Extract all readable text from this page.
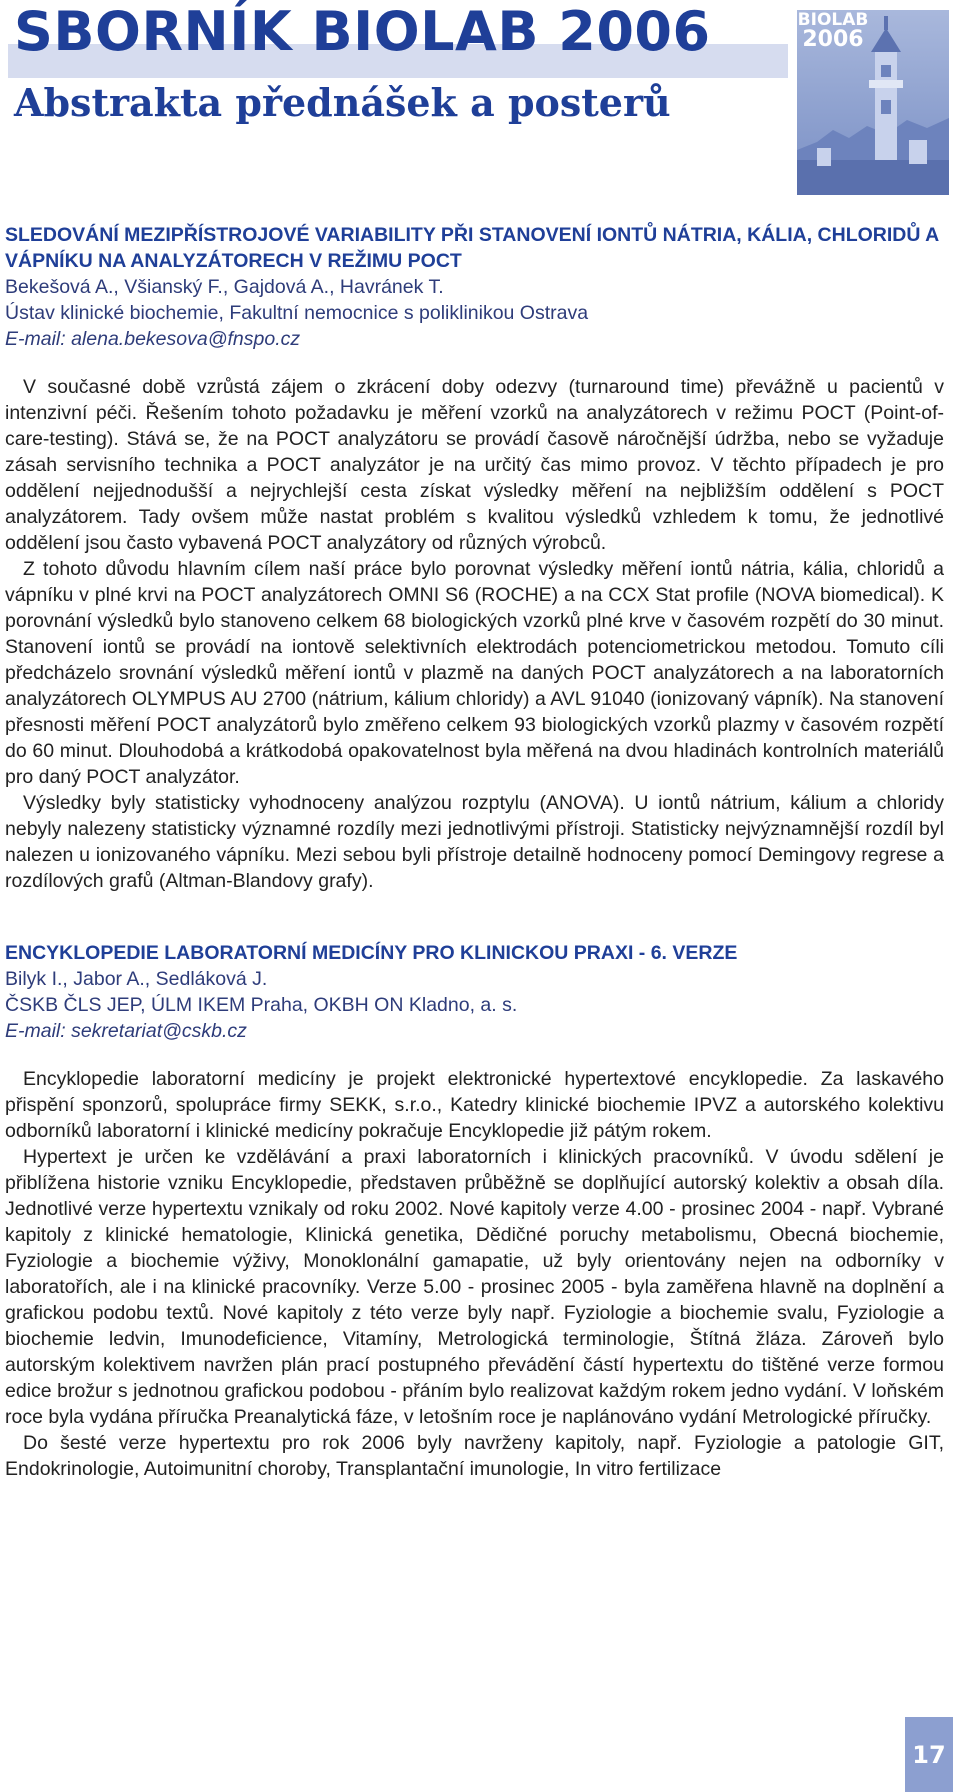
SBORNÍK BIOLAB 2006
Abstrakta přednášek a posterů
BIOLAB
2006
SLEDOVÁNÍ MEZIPŘÍSTROJOVÉ VARIABILITY PŘI STANOVENÍ IONTŮ NÁTRIA, KÁLIA, CHLORIDŮ A VÁPNÍKU NA ANALYZÁTORECH V REŽIMU POCT

Bekešová A., Všianský F., Gajdová A., Havránek T.

Ústav klinické biochemie, Fakultní nemocnice s poliklinikou Ostrava

E-mail: alena.bekesova@fnspo.cz

V současné době vzrůstá zájem o zkrácení doby odezvy (turnaround time) převážně u pacientů v intenzivní péči. Řešením tohoto požadavku je měření vzorků na analyzátorech v režimu POCT (Point-of-care-testing). Stává se, že na POCT analyzátoru se provádí časově náročnější údržba, nebo se vyžaduje zásah servisního technika a POCT analyzátor je na určitý čas mimo provoz. V těchto případech je pro oddělení nejjednodušší a nejrychlejší cesta získat výsledky měření na nejbližším oddělení s POCT analyzátorem. Tady ovšem může nastat problém s kvalitou výsledků vzhledem k tomu, že jednotlivé oddělení jsou často vybavená POCT analyzátory od různých výrobců.

Z tohoto důvodu hlavním cílem naší práce bylo porovnat výsledky měření iontů nátria, kália, chloridů a vápníku v plné krvi na POCT analyzátorech OMNI S6 (ROCHE) a na CCX Stat profile (NOVA biomedical). K porovnání výsledků bylo stanoveno celkem 68 biologických vzorků plné krve v časovém rozpětí do 30 minut. Stanovení iontů se provádí na iontově selektivních elektrodách potenciometrickou metodou. Tomuto cíli předcházelo srovnání výsledků měření iontů v plazmě na daných POCT analyzátorech a na laboratorních analyzátorech OLYMPUS AU 2700 (nátrium, kálium chloridy) a AVL 91040 (ionizovaný vápník). Na stanovení přesnosti měření POCT analyzátorů bylo změřeno celkem 93 biologických vzorků plazmy v časovém rozpětí do 60 minut. Dlouhodobá a krátkodobá opakovatelnost byla měřená na dvou hladinách kontrolních materiálů pro daný POCT analyzátor.

Výsledky byly statisticky vyhodnoceny analýzou rozptylu (ANOVA). U iontů nátrium, kálium a chloridy nebyly nalezeny statisticky významné rozdíly mezi jednotlivými přístroji. Statisticky nejvýznamnější rozdíl byl nalezen u ionizovaného vápníku. Mezi sebou byli přístroje detailně hodnoceny pomocí Demingovy regrese a rozdílových grafů (Altman-Blandovy grafy).

ENCYKLOPEDIE LABORATORNÍ MEDICÍNY PRO KLINICKOU PRAXI - 6. VERZE

Bilyk I., Jabor A., Sedláková J.

ČSKB ČLS JEP, ÚLM IKEM Praha, OKBH ON Kladno, a. s.

E-mail: sekretariat@cskb.cz

Encyklopedie laboratorní medicíny je projekt elektronické hypertextové encyklopedie. Za laskavého přispění sponzorů, spolupráce firmy SEKK, s.r.o., Katedry klinické biochemie IPVZ a autorského kolektivu odborníků laboratorní i klinické medicíny pokračuje Encyklopedie již pátým rokem.

Hypertext je určen ke vzdělávání a praxi laboratorních i klinických pracovníků. V úvodu sdělení je přiblížena historie vzniku Encyklopedie, představen průběžně se doplňující autorský kolektiv a obsah díla. Jednotlivé verze hypertextu vznikaly od roku 2002. Nové kapitoly verze 4.00 - prosinec 2004 - např. Vybrané kapitoly z klinické hematologie, Klinická genetika, Dědičné poruchy metabolismu, Obecná biochemie, Fyziologie a biochemie výživy, Monoklonální gamapatie, už byly orientovány nejen na odborníky v laboratořích, ale i na klinické pracovníky. Verze 5.00 - prosinec 2005 - byla zaměřena hlavně na doplnění a grafickou podobu textů. Nové kapitoly z této verze byly např. Fyziologie a biochemie svalu, Fyziologie a biochemie ledvin, Imunodeficience, Vitamíny, Metrologická terminologie, Štítná žláza. Zároveň bylo autorským kolektivem navržen plán prací postupného převádění částí hypertextu do tištěné verze formou edice brožur s jednotnou grafickou podobou - přáním bylo realizovat každým rokem jedno vydání. V loňském roce byla vydána příručka Preanalytická fáze, v letošním roce je naplánováno vydání Metrologické příručky.

Do šesté verze hypertextu pro rok 2006 byly navrženy kapitoly, např. Fyziologie a patologie GIT, Endokrinologie, Autoimunitní choroby, Transplantační imunologie, In vitro fertilizace

17
